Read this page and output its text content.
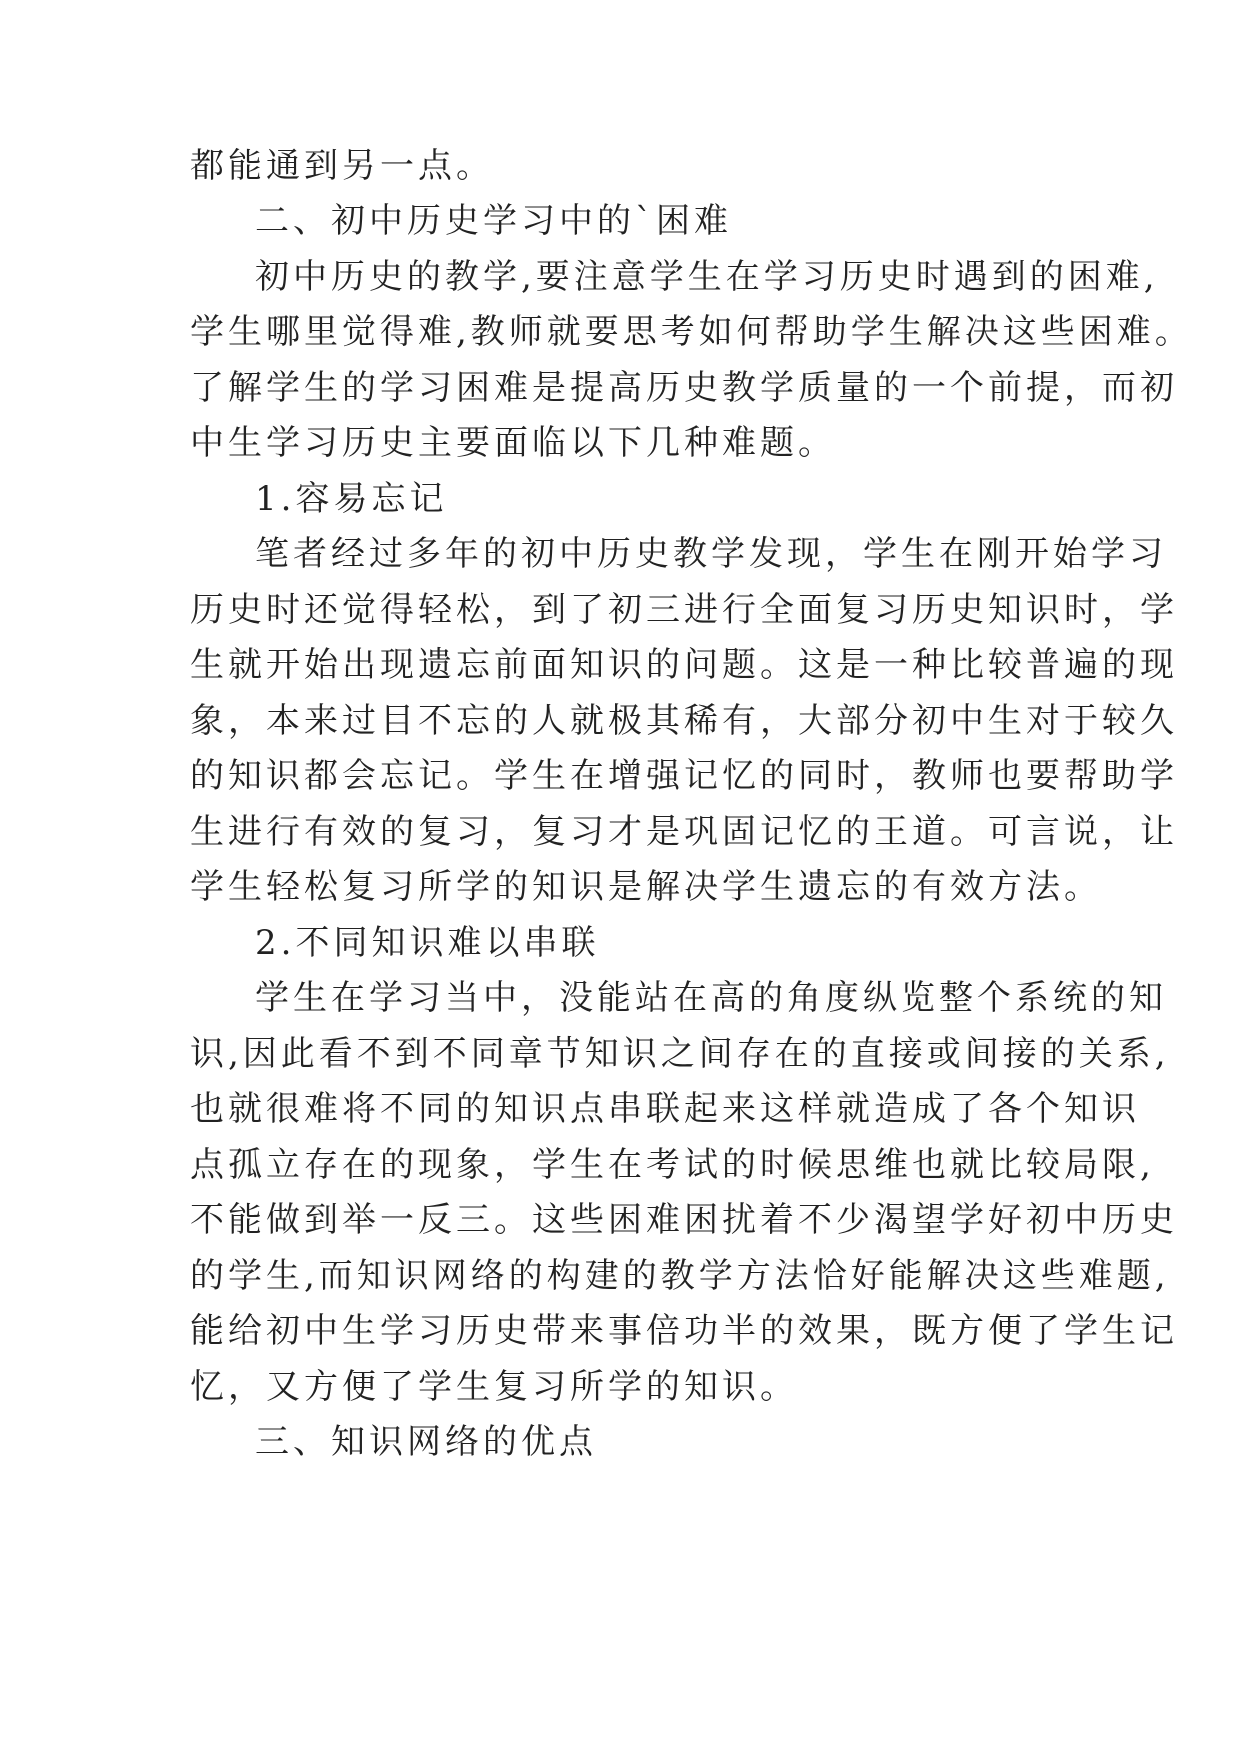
都能通到另一点。
二、初中历史学习中的`困难
初中历史的教学,要注意学生在学习历史时遇到的困难,
学生哪里觉得难,教师就要思考如何帮助学生解决这些困难。
了解学生的学习困难是提高历史教学质量的一个前提，而初
中生学习历史主要面临以下几种难题。
1.容易忘记
笔者经过多年的初中历史教学发现，学生在刚开始学习
历史时还觉得轻松，到了初三进行全面复习历史知识时，学
生就开始出现遗忘前面知识的问题。这是一种比较普遍的现
象，本来过目不忘的人就极其稀有，大部分初中生对于较久
的知识都会忘记。学生在增强记忆的同时，教师也要帮助学
生进行有效的复习，复习才是巩固记忆的王道。可言说，让
学生轻松复习所学的知识是解决学生遗忘的有效方法。
2.不同知识难以串联
学生在学习当中，没能站在高的角度纵览整个系统的知
识,因此看不到不同章节知识之间存在的直接或间接的关系,
也就很难将不同的知识点串联起来这样就造成了各个知识
点孤立存在的现象，学生在考试的时候思维也就比较局限,
不能做到举一反三。这些困难困扰着不少渴望学好初中历史
的学生,而知识网络的构建的教学方法恰好能解决这些难题,
能给初中生学习历史带来事倍功半的效果，既方便了学生记
忆，又方便了学生复习所学的知识。
三、知识网络的优点
